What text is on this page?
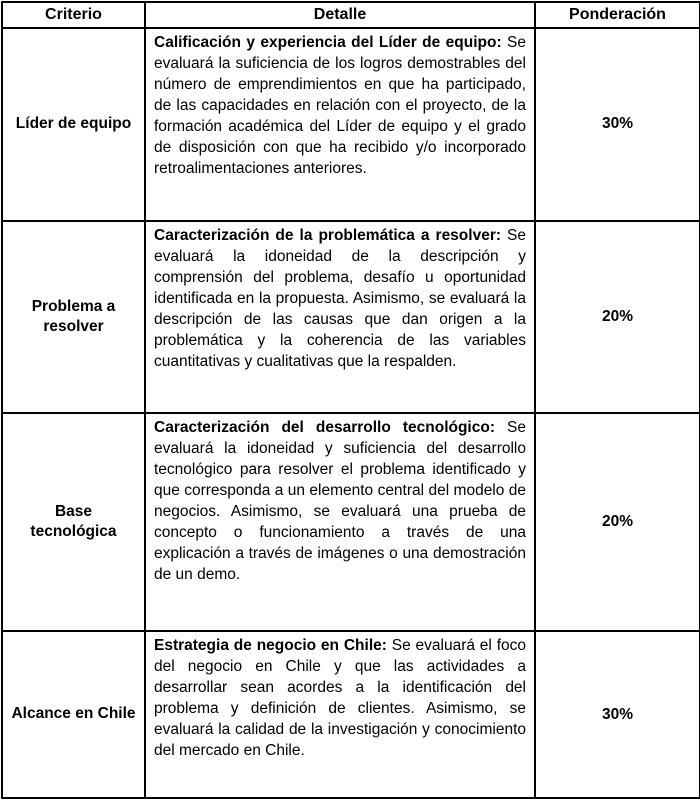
Criterio	Detalle	Ponderación
Líder de equipo	Calificación y experiencia del Líder de equipo: Se evaluará la suficiencia de los logros demostrables del número de emprendimientos en que ha participado, de las capacidades en relación con el proyecto, de la formación académica del Líder de equipo y el grado de disposición con que ha recibido y/o incorporado retroalimentaciones anteriores.	30%
Problema a resolver	Caracterización de la problemática a resolver: Se evaluará la idoneidad de la descripción y comprensión del problema, desafío u oportunidad identificada en la propuesta. Asimismo, se evaluará la descripción de las causas que dan origen a la problemática y la coherencia de las variables cuantitativas y cualitativas que la respalden.	20%
Base tecnológica	Caracterización del desarrollo tecnológico: Se evaluará la idoneidad y suficiencia del desarrollo tecnológico para resolver el problema identificado y que corresponda a un elemento central del modelo de negocios. Asimismo, se evaluará una prueba de concepto o funcionamiento a través de una explicación a través de imágenes o una demostración de un demo.	20%
Alcance en Chile	Estrategia de negocio en Chile: Se evaluará el foco del negocio en Chile y que las actividades a desarrollar sean acordes a la identificación del problema y definición de clientes. Asimismo, se evaluará la calidad de la investigación y conocimiento del mercado en Chile.	30%
